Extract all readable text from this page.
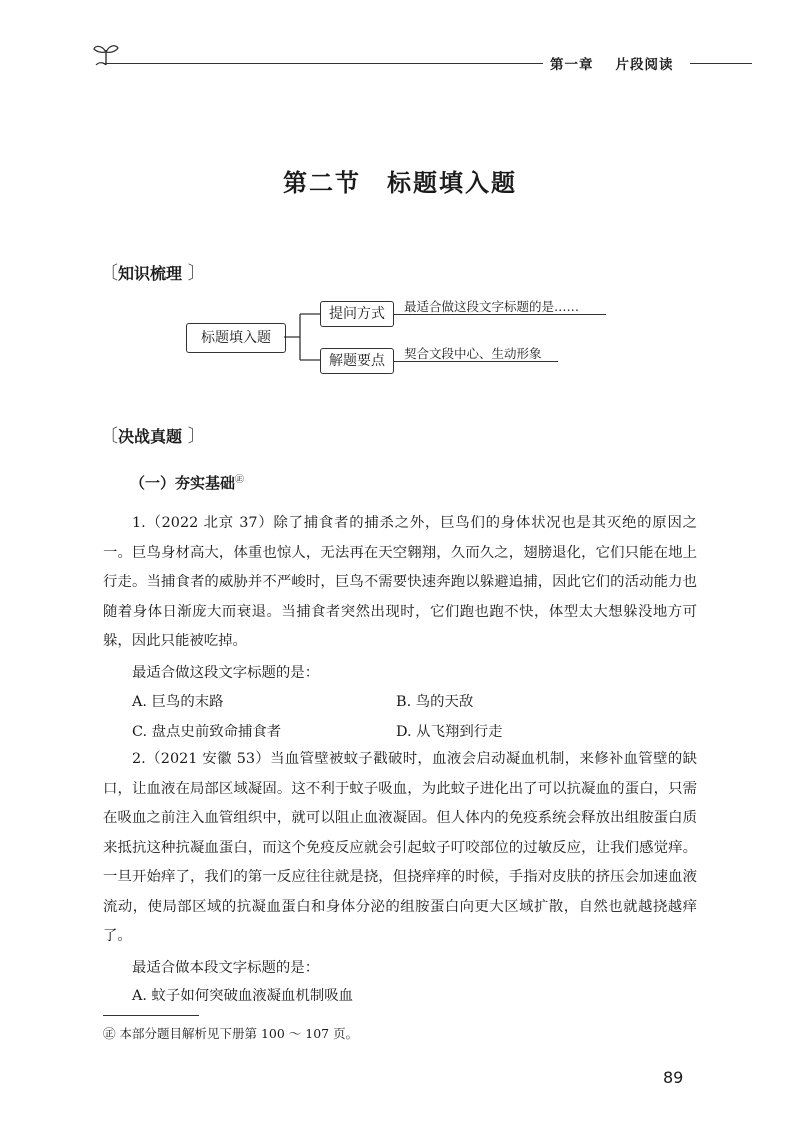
第一章 片段阅读
第二节 标题填入题
〔知识梳理 〕
标题填入题
提问方式
解题要点
最适合做这段文字标题的是……
契合文段中心、生动形象
〔决战真题 〕
（一）夯实基础㊣

1.（2022 北京 37）除了捕食者的捕杀之外，巨鸟们的身体状况也是其灭绝的原因之一。巨鸟身材高大，体重也惊人，无法再在天空翱翔，久而久之，翅膀退化，它们只能在地上行走。当捕食者的威胁并不严峻时，巨鸟不需要快速奔跑以躲避追捕，因此它们的活动能力也随着身体日渐庞大而衰退。当捕食者突然出现时，它们跑也跑不快，体型太大想躲没地方可躲，因此只能被吃掉。

最适合做这段文字标题的是：
A. 巨鸟的末路	B. 鸟的天敌
C. 盘点史前致命捕食者	D. 从飞翔到行走

2.（2021 安徽 53）当血管壁被蚊子戳破时，血液会启动凝血机制，来修补血管壁的缺口，让血液在局部区域凝固。这不利于蚊子吸血，为此蚊子进化出了可以抗凝血的蛋白，只需在吸血之前注入血管组织中，就可以阻止血液凝固。但人体内的免疫系统会释放出组胺蛋白质来抵抗这种抗凝血蛋白，而这个免疫反应就会引起蚊子叮咬部位的过敏反应，让我们感觉痒。一旦开始痒了，我们的第一反应往往就是挠，但挠痒痒的时候，手指对皮肤的挤压会加速血液流动，使局部区域的抗凝血蛋白和身体分泌的组胺蛋白向更大区域扩散，自然也就越挠越痒了。

最适合做本段文字标题的是：
A. 蚊子如何突破血液凝血机制吸血
㊣ 本部分题目解析见下册第 100 ～ 107 页。
89
